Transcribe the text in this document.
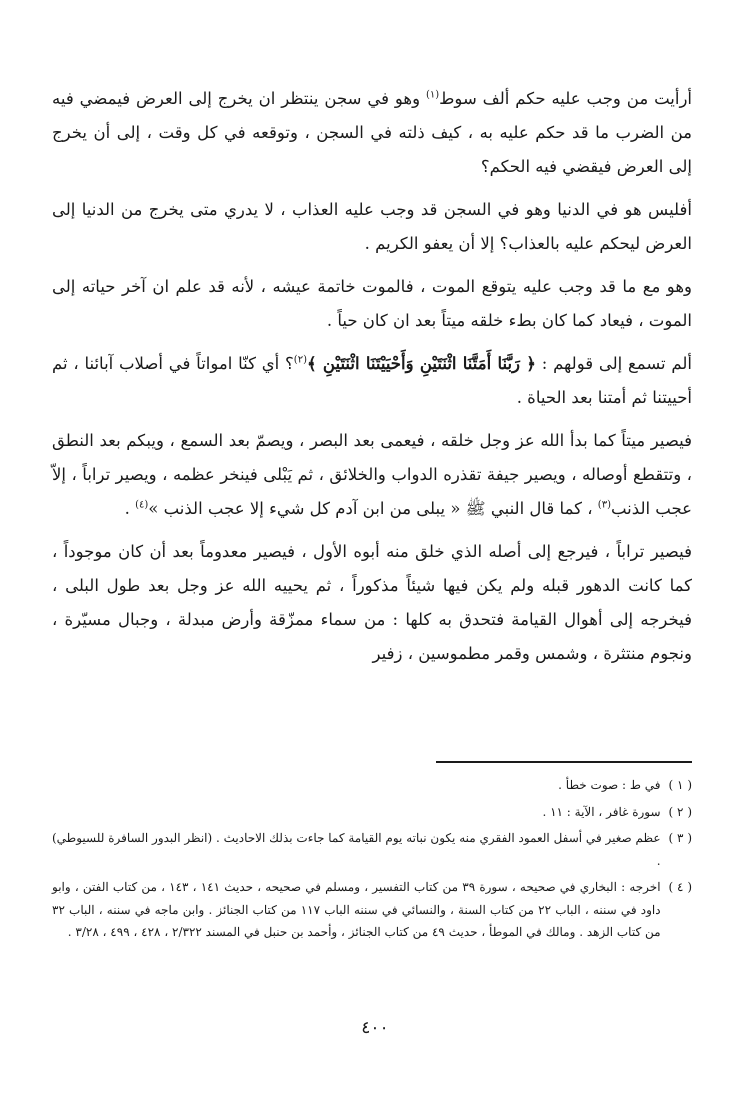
أرأيت من وجب عليه حكم ألف سوط$^{(١)}$ وهو في سجن ينتظر ان يخرج إلى العرض فيمضي فيه من الضرب ما قد حكم عليه به ، كيف ذلته في السجن ، وتوقعه في كل وقت ، إلى أن يخرج إلى العرض فيقضي فيه الحكم؟

أفليس هو في الدنيا وهو في السجن قد وجب عليه العذاب ، لا يدري متى يخرج من الدنيا إلى العرض ليحكم عليه بالعذاب؟ إلا أن يعفو الكريم .

وهو مع ما قد وجب عليه يتوقع الموت ، فالموت خاتمة عيشه ، لأنه قد علم ان آخر حياته إلى الموت ، فيعاد كما كان بطء خلقه ميتاً بعد ان كان حياً .

ألم تسمع إلى قولهم : ﴿ رَبَّنَا أَمَتَّنَا اثْنَتَيْنِ وَأَحْيَيْتَنَا اثْنَتَيْنِ ﴾$^{(٢)}$؟ أي كنّا امواتاً في أصلاب آبائنا ، ثم أحييتنا ثم أمتنا بعد الحياة .

فيصير ميتاً كما بدأ الله عز وجل خلقه ، فيعمى بعد البصر ، ويصمّ بعد السمع ، ويبكم بعد النطق ، وتتقطع أوصاله ، ويصير جيفة تقذره الدواب والخلائق ، ثم يَبْلى فينخر عظمه ، ويصير تراباً ، إلاّ عجب الذنب$^{(٣)}$ ، كما قال النبي ﷺ « يبلى من ابن آدم كل شيء إلا عجب الذنب »$^{(٤)}$ .

فيصير تراباً ، فيرجع إلى أصله الذي خلق منه أبوه الأول ، فيصير معدوماً بعد أن كان موجوداً ، كما كانت الدهور قبله ولم يكن فيها شيئاً مذكوراً ، ثم يحييه الله عز وجل بعد طول البلى ، فيخرجه إلى أهوال القيامة فتحدق به كلها : من سماء ممزّقة وأرض مبدلة ، وجبال مسيّرة ، ونجوم منتثرة ، وشمس وقمر مطموسين ، زفير

( ١ )
في ط : صوت خطأ .
( ٢ )
سورة غافر ، الآية : ١١ .
( ٣ )
عظم صغير في أسفل العمود الفقري منه يكون نباته يوم القيامة كما جاءت بذلك الاحاديث . (انظر البدور السافرة للسيوطي) .
( ٤ )
اخرجه : البخاري في صحيحه ، سورة ٣٩ من كتاب التفسير ، ومسلم في صحيحه ، حديث ١٤١ ، ١٤٣ ، من كتاب الفتن ، وابو داود في سننه ، الباب ٢٢ من كتاب السنة ، والنسائي في سننه الباب ١١٧ من كتاب الجنائز . وابن ماجه في سننه ، الباب ٣٢ من كتاب الزهد . ومالك في الموطأ ، حديث ٤٩ من كتاب الجنائز ، وأحمد بن حنبل في المسند ٢/٣٢٢ ، ٤٢٨ ، ٤٩٩ ، ٣/٢٨ .
٤٠٠
